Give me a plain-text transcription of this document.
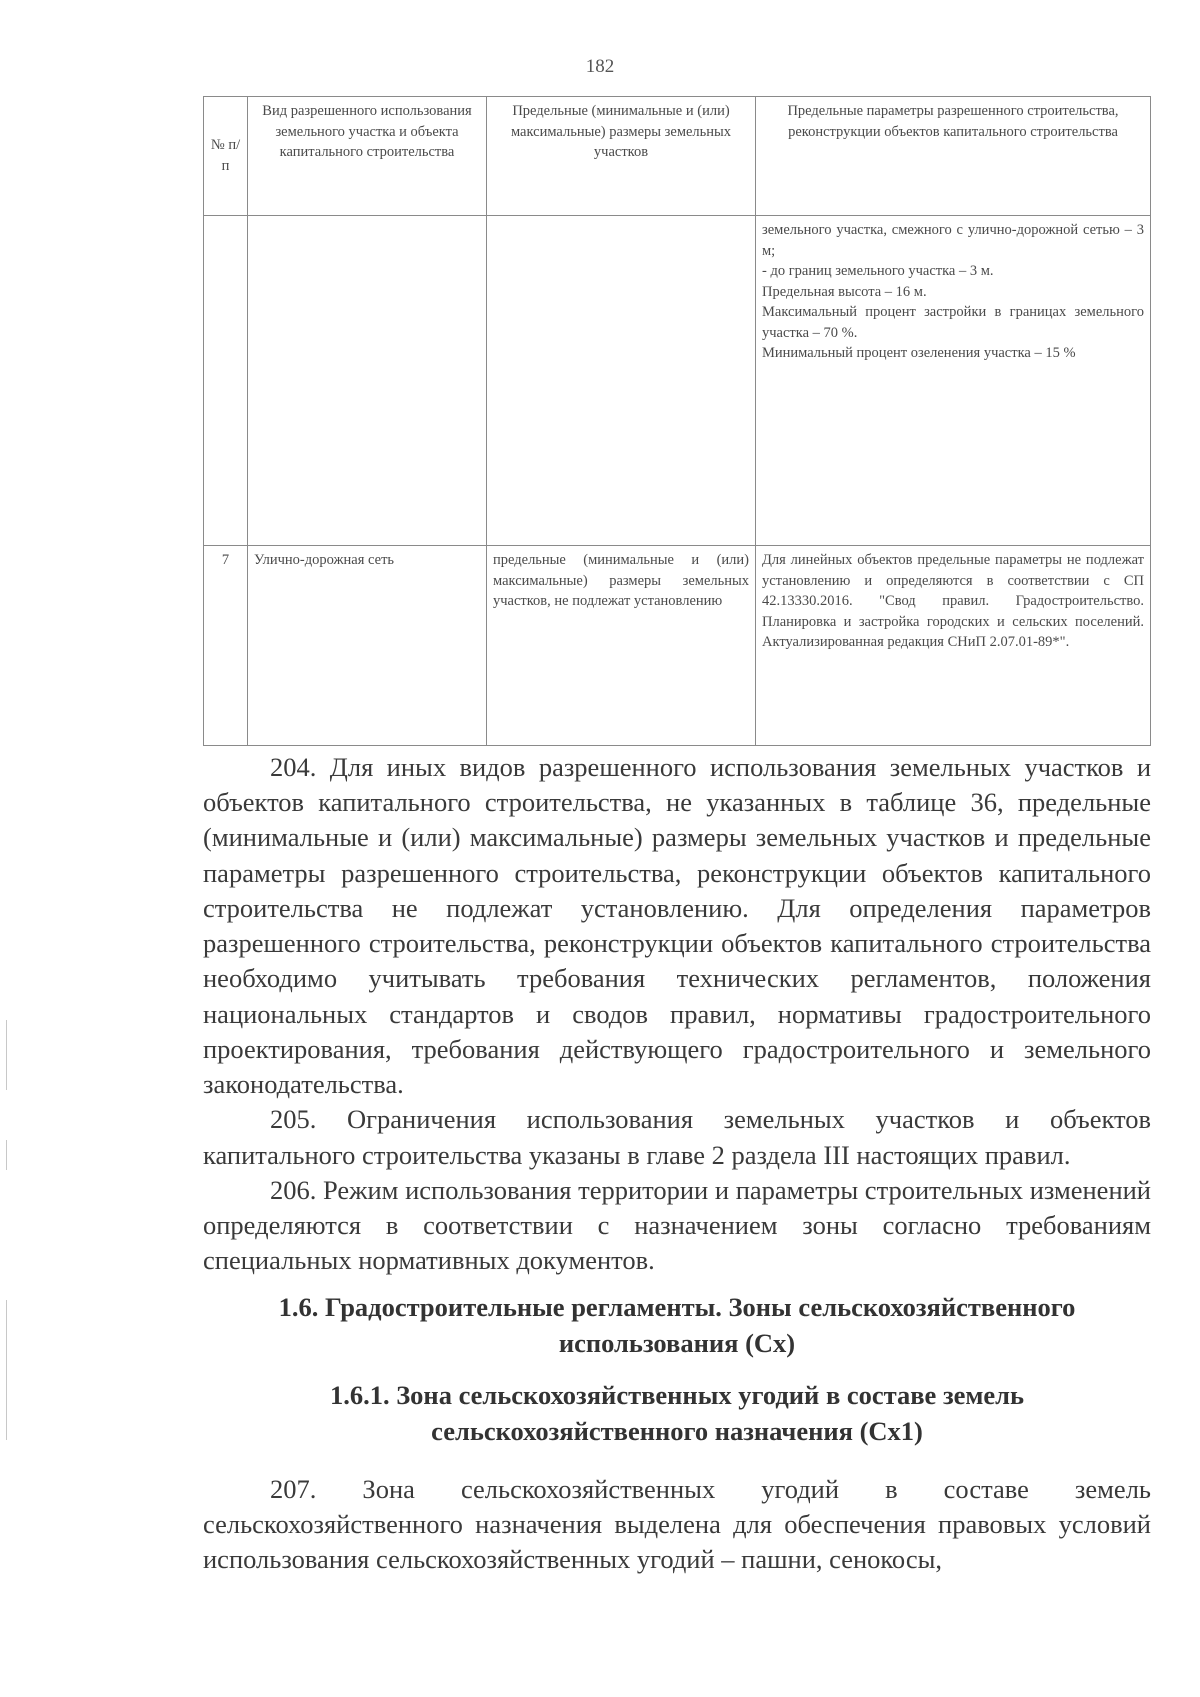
182
№ п/п	Вид разрешенного использования земельного участка и объекта капитального строительства	Предельные (минимальные и (или) максимальные) размеры земельных участков	Предельные параметры разрешенного строительства, реконструкции объектов капитального строительства

			земельного участка, смежного с улично-дорожной сетью – 3 м;

- до границ земельного участка – 3 м.

Предельная высота – 16 м.

Максимальный процент застройки в границах земельного участка – 70 %.

Минимальный процент озеленения участка – 15 %

7	Улично-дорожная сеть	предельные (минимальные и (или) максимальные) размеры земельных участков, не подлежат установлению	Для линейных объектов предельные параметры не подлежат установлению и определяются в соответствии с СП 42.13330.2016. "Свод правил. Градостроительство. Планировка и застройка городских и сельских поселений. Актуализированная редакция СНиП 2.07.01-89*".

204. Для иных видов разрешенного использования земельных участков и объектов капитального строительства, не указанных в таблице 36, предельные (минимальные и (или) максимальные) размеры земельных участков и предельные параметры разрешенного строительства, реконструкции объектов капитального строительства не подлежат установлению. Для определения параметров разрешенного строительства, реконструкции объектов капитального строительства необходимо учитывать требования технических регламентов, положения национальных стандартов и сводов правил, нормативы градостроительного проектирования, требования действующего градостроительного и земельного законодательства.

205. Ограничения использования земельных участков и объектов капитального строительства указаны в главе 2 раздела III настоящих правил.

206. Режим использования территории и параметры строительных изменений определяются в соответствии с назначением зоны согласно требованиям специальных нормативных документов.

1.6. Градостроительные регламенты. Зоны сельскохозяйственного использования (Сх)
1.6.1. Зона сельскохозяйственных угодий в составе земель сельскохозяйственного назначения (Сх1)

207. Зона сельскохозяйственных угодий в составе земель сельскохозяйственного назначения выделена для обеспечения правовых условий использования сельскохозяйственных угодий – пашни, сенокосы,
